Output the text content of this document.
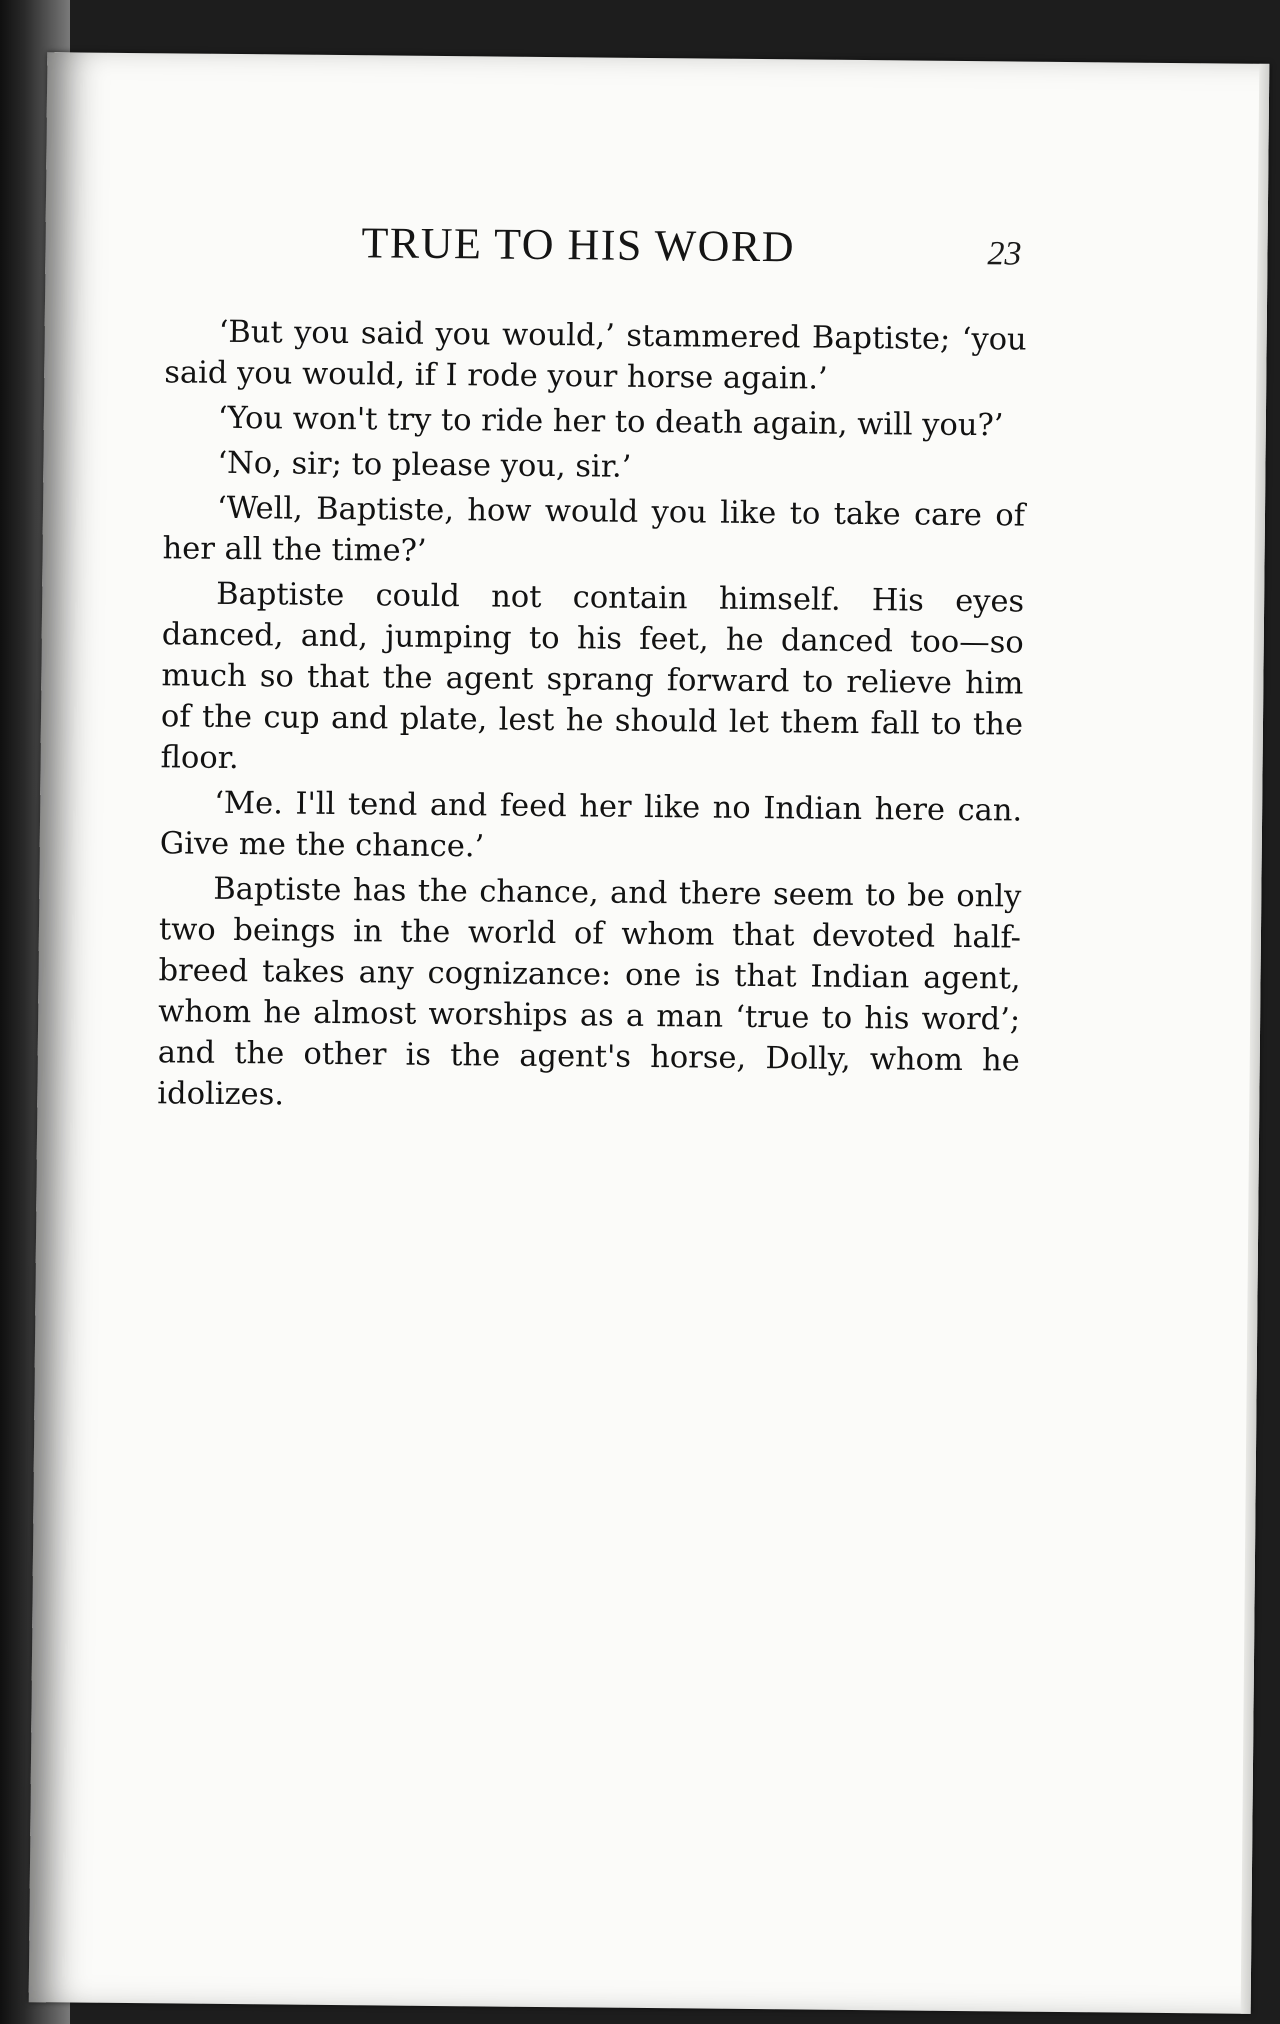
TRUE TO HIS WORD	23

‘But you said you would,’ stammered Baptiste; ‘you said you would, if I rode your horse again.’

‘You won't try to ride her to death again, will you?’

‘No, sir; to please you, sir.’

‘Well, Baptiste, how would you like to take care of her all the time?’

Baptiste could not contain himself. His eyes danced, and, jumping to his feet, he danced too—so much so that the agent sprang forward to relieve him of the cup and plate, lest he should let them fall to the floor.

‘Me. I'll tend and feed her like no Indian here can. Give me the chance.’

Baptiste has the chance, and there seem to be only two beings in the world of whom that devoted half-breed takes any cognizance: one is that Indian agent, whom he almost worships as a man ‘true to his word’; and the other is the agent's horse, Dolly, whom he idolizes.
